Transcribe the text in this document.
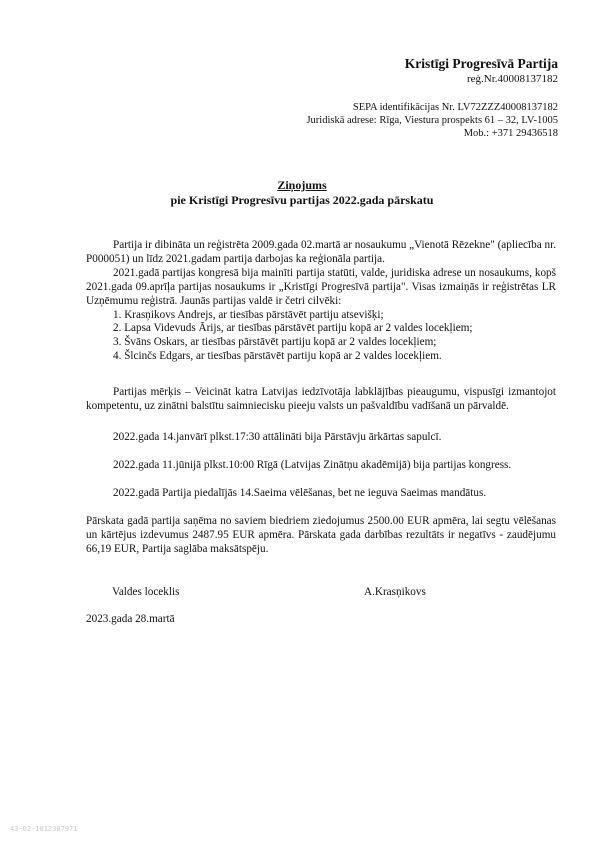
Kristīgi Progresīvā Partija
reģ.Nr.40008137182
SEPA identifikācijas Nr. LV72ZZZ40008137182
Juridiskā adrese: Rīga, Viestura prospekts 61 – 32, LV-1005
Mob.: +371 29436518
Ziņojums
pie Kristīgi Progresīvu partijas 2022.gada pārskatu

Partija ir dibināta un reģistrēta 2009.gada 02.martā ar nosaukumu „Vienotā Rēzekne" (apliecība nr. P000051) un līdz 2021.gadam partija darbojas ka reģionāla partija.

2021.gadā partijas kongresā bija mainīti partija statūti, valde, juridiska adrese un nosaukums, kopš 2021.gada 09.aprīļa partijas nosaukums ir „Kristīgi Progresīvā partija". Visas izmaiņās ir reģistrētas LR Uzņēmumu reģistrā. Jaunās partijas valdē ir četri cilvēki:

1. Krasņikovs Andrejs, ar tiesības pārstāvēt partiju atsevišķi;
2. Lapsa Videvuds Ārijs, ar tiesības pārstāvēt partiju kopā ar 2 valdes locekļiem;
3. Švāns Oskars, ar tiesības pārstāvēt partiju kopā ar 2 valdes locekļiem;
4. Šlcinčs Edgars, ar tiesības pārstāvēt partiju kopā ar 2 valdes locekļiem.

Partijas mērķis – Veicināt katra Latvijas iedzīvotāja labklājības pieaugumu, vispusīgi izmantojot kompetentu, uz zinātni balstītu saimniecisku pieeju valsts un pašvaldību vadīšanā un pārvaldē.

2022.gada 14.janvārī plkst.17:30 attālināti bija Pārstāvju ārkārtas sapulcī.

2022.gada 11.jūnijā plkst.10:00 Rīgā (Latvijas Zinātņu akadēmijā) bija partijas kongress.

2022.gadā Partija piedalījās 14.Saeima vēlēšanas, bet ne ieguva Saeimas mandātus.

Pārskata gadā partija saņēma no saviem biedriem ziedojumus 2500.00 EUR apmēra, lai segtu vēlēšanas un kārtējus izdevumus 2487.95 EUR apmēra. Pārskata gada darbības rezultāts ir negatīvs - zaudējumu 66,19 EUR, Partija saglāba maksātspēju.

Valdes loceklis	A.Krasņikovs
2023.gada 28.martā
43-02-1012387971
